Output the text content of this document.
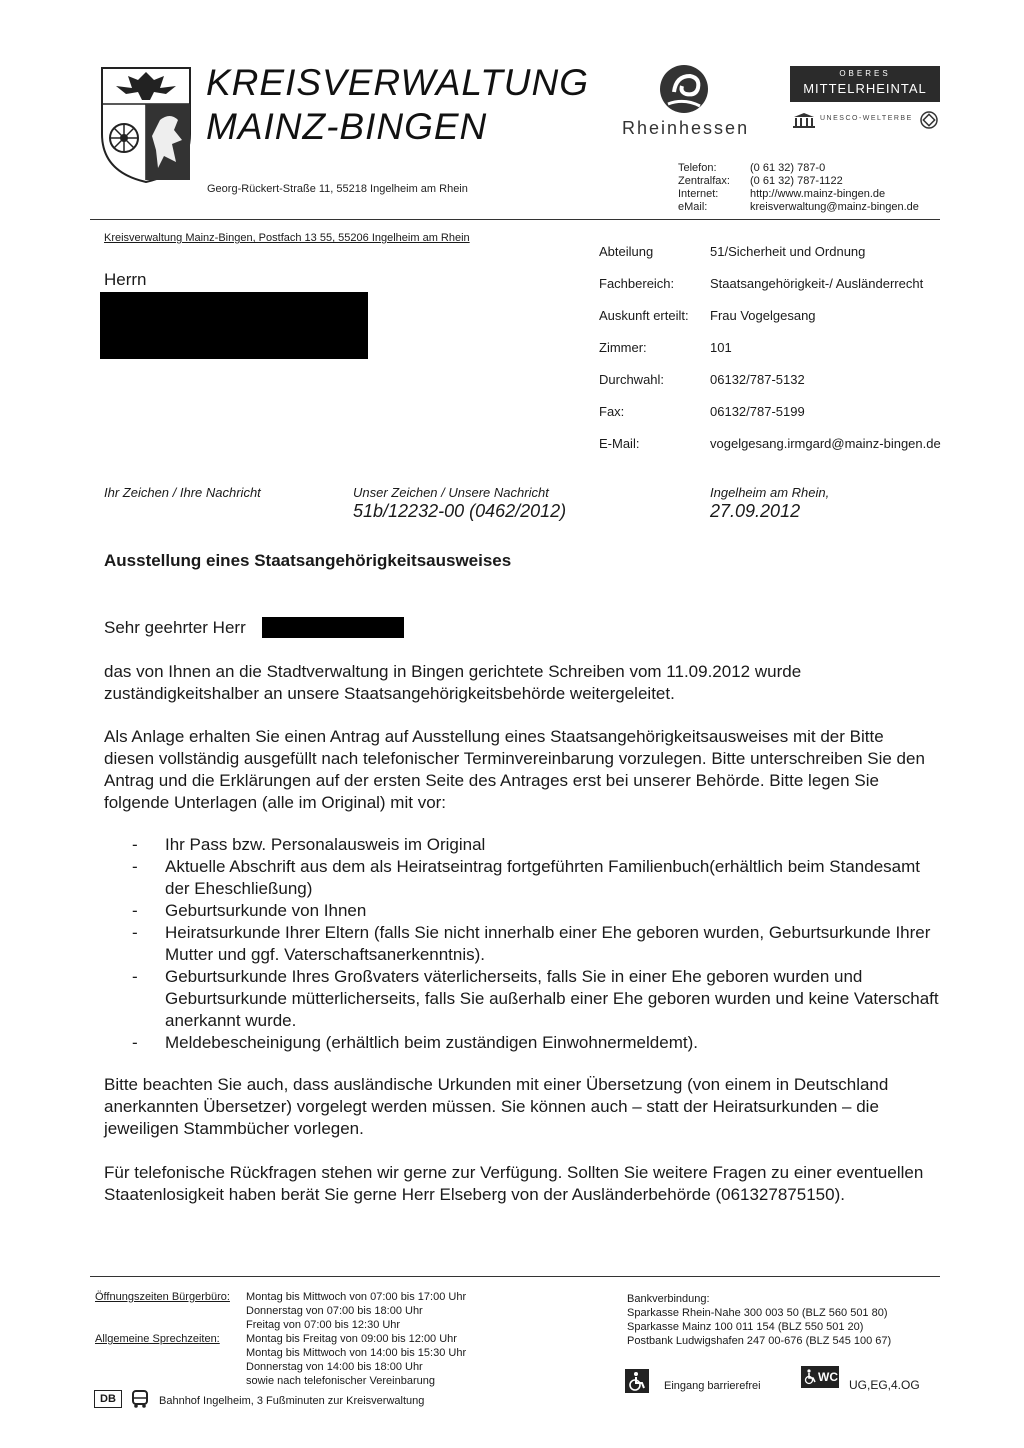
KREISVERWALTUNG
MAINZ-BINGEN
Georg-Rückert-Straße 11, 55218 Ingelheim am Rhein
Rheinhessen
OBERES
MITTELRHEINTAL
UNESCO-WELTERBE
Telefon:	(0 61 32) 787-0
Zentralfax:	(0 61 32) 787-1122
Internet:	http://www.mainz-bingen.de
eMail:	kreisverwaltung@mainz-bingen.de
Kreisverwaltung Mainz-Bingen, Postfach 13 55, 55206 Ingelheim am Rhein
Herrn
Abteilung	51/Sicherheit und Ordnung
Fachbereich:	Staatsangehörigkeit-/ Ausländerrecht
Auskunft erteilt: Frau Vogelgesang
Zimmer:	101
Durchwahl:	06132/787-5132
Fax:	06132/787-5199
E-Mail:	vogelgesang.irmgard@mainz-bingen.de
Ihr Zeichen / Ihre Nachricht	Unser Zeichen / Unsere Nachricht
51b/12232-00 (0462/2012)
Ingelheim am Rhein,
27.09.2012
Ausstellung eines Staatsangehörigkeitsausweises
Sehr geehrter Herr

das von Ihnen an die Stadtverwaltung in Bingen gerichtete Schreiben vom 11.09.2012 wurde zuständigkeitshalber an unsere Staatsangehörigkeitsbehörde weitergeleitet.

Als Anlage erhalten Sie einen Antrag auf Ausstellung eines Staatsangehörigkeitsausweises mit der Bitte diesen vollständig ausgefüllt nach telefonischer Terminvereinbarung vorzulegen. Bitte unterschreiben Sie den Antrag und die Erklärungen auf der ersten Seite des Antrages erst bei unserer Behörde. Bitte legen Sie folgende Unterlagen (alle im Original) mit vor:

- Ihr Pass bzw. Personalausweis im Original
- Aktuelle Abschrift aus dem als Heiratseintrag fortgeführten Familienbuch(erhältlich beim Standesamt der Eheschließung)
- Geburtsurkunde von Ihnen
- Heiratsurkunde Ihrer Eltern (falls Sie nicht innerhalb einer Ehe geboren wurden, Geburtsurkunde Ihrer Mutter und ggf. Vaterschaftsanerkenntnis).
- Geburtsurkunde Ihres Großvaters väterlicherseits, falls Sie in einer Ehe geboren wurden und Geburtsurkunde mütterlicherseits, falls Sie außerhalb einer Ehe geboren wurden und keine Vaterschaft anerkannt wurde.
- Meldebescheinigung (erhältlich beim zuständigen Einwohnermeldemt).

Bitte beachten Sie auch, dass ausländische Urkunden mit einer Übersetzung (von einem in Deutschland anerkannten Übersetzer) vorgelegt werden müssen. Sie können auch – statt der Heiratsurkunden – die jeweiligen Stammbücher vorlegen.

Für telefonische Rückfragen stehen wir gerne zur Verfügung. Sollten Sie weitere Fragen zu einer eventuellen Staatenlosigkeit haben berät Sie gerne Herr Elseberg von der Ausländerbehörde (061327875150).

Öffnungszeiten Bürgerbüro: Montag bis Mittwoch von 07:00 bis 17:00 Uhr
Donnerstag von 07:00 bis 18:00 Uhr
Freitag von 07:00 bis 12:30 Uhr
Allgemeine Sprechzeiten: Montag bis Freitag von 09:00 bis 12:00 Uhr
Montag bis Mittwoch von 14:00 bis 15:30 Uhr
Donnerstag von 14:00 bis 18:00 Uhr
sowie nach telefonischer Vereinbarung
DB	Bahnhof Ingelheim, 3 Fußminuten zur Kreisverwaltung
Bankverbindung:
Sparkasse Rhein-Nahe 300 003 50 (BLZ 560 501 80)
Sparkasse Mainz 100 011 154 (BLZ 550 501 20)
Postbank Ludwigshafen 247 00-676 (BLZ 545 100 67)
Eingang barrierefrei
WC
UG,EG,4.OG
